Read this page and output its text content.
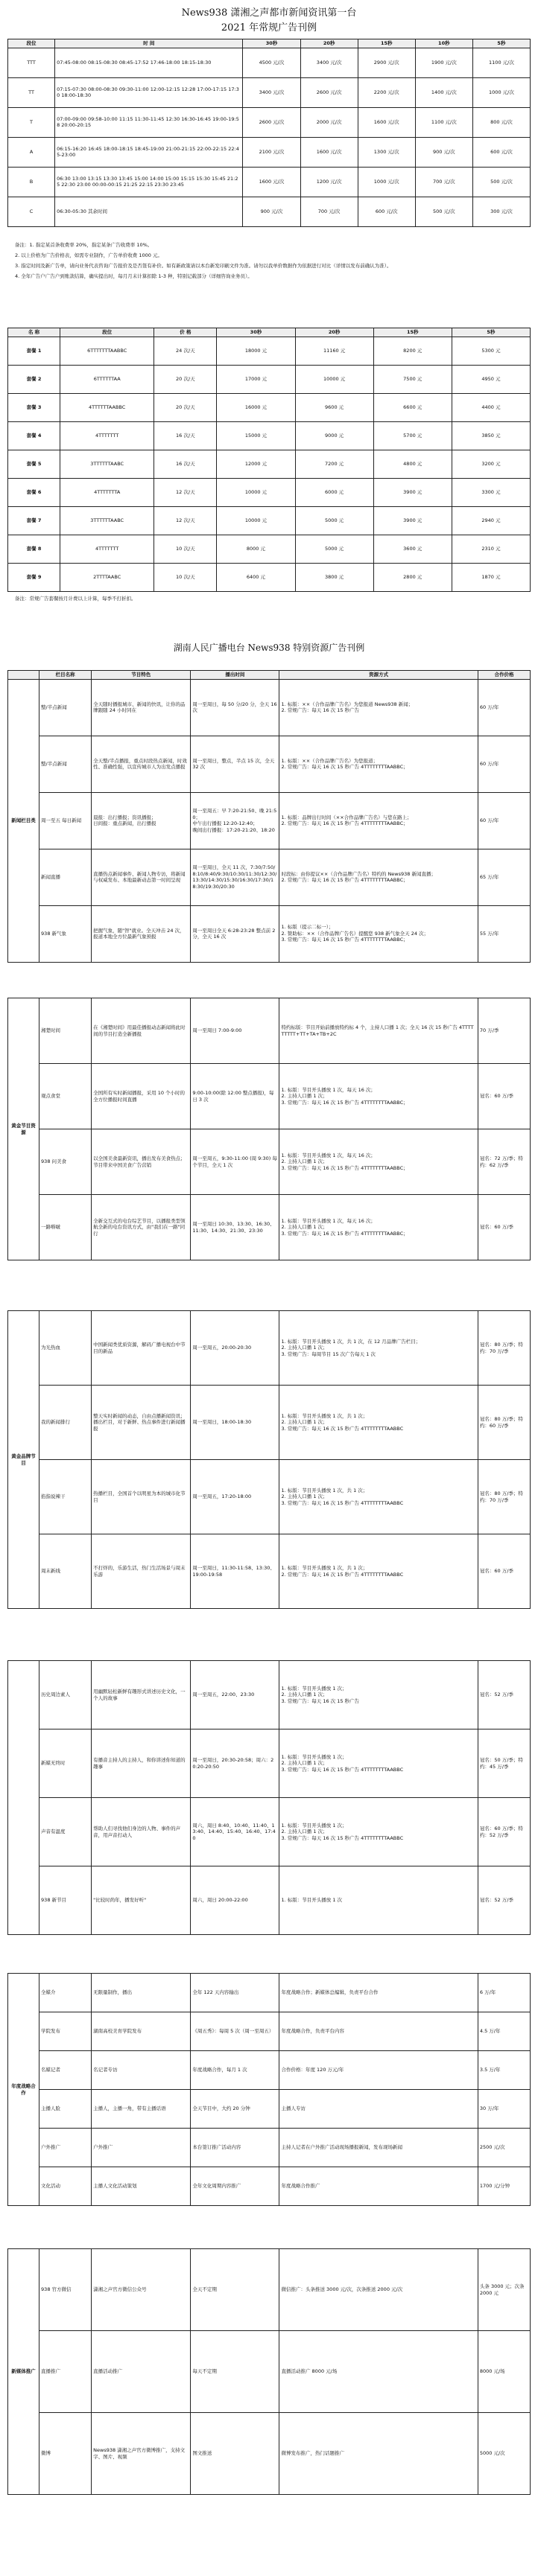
News938 潇湘之声都市新闻资讯第一台
2021 年常规广告刊例
段位	时 间	30秒	20秒	15秒	10秒	5秒
TTT	07:45-08:00 08:15-08:30 08:45-17:52 17:46-18:00 18:15-18:30	4500 元/次	3400 元/次	2900 元/次	1900 元/次	1100 元/次
TT	07:15-07:30 08:00-08:30 09:30-11:00 12:00-12:15 12:28 17:00-17:15 17:30 18:00-18:30	3400 元/次	2600 元/次	2200 元/次	1400 元/次	1000 元/次
T	07:00-09:00 09:58-10:00 11:15 11:30-11:45 12:30 16:30-16:45 19:00-19:58 20:00-20:15	2600 元/次	2000 元/次	1600 元/次	1100 元/次	800 元/次
A	06:15-16:20 16:45 18:00-18:15 18:45-19:00 21:00-21:15 22:00-22:15 22:45-23:00	2100 元/次	1600 元/次	1300 元/次	900 元/次	600 元/次
B	06:30 13:00 13:15 13:30 13:45 15:00 14:00 15:00 15:15 15:30 15:45 21:25 22:30 23:00 00:00-00:15 21:25 22:15 23:30 23:45	1600 元/次	1200 元/次	1000 元/次	700 元/次	500 元/次
C	06:30-05:30 其余时间	900 元/次	700 元/次	600 元/次	500 元/次	300 元/次
备注：1. 指定某首条收费率 20%，指定某条广告收费率 10%。
2. 以上价格为广告价格表，如需专业制作，广告单价收费 1000 元。
3. 指定时间及新广告单，请向业务代表咨询广告报价及是否签有补价。如有新政策请以本台新发印刷文件为准。请勿以我单价数据作为依据进行对比（详情以发布前确认为准）。
4. 全年广告户广告户到账款结算，确实提出时，每月月末计算扣除 1-3 种，特别记载部分（详细咨询业务员）。
名 称	段位	价 格	30秒	20秒	15秒	5秒
套餐 1	6TTTTTTTAABBC	24 次/天	18000 元	11160 元	8200 元	5300 元
套餐 2	6TTTTTTAA	20 次/天	17000 元	10000 元	7500 元	4950 元
套餐 3	4TTTTTTAABBC	20 次/天	16000 元	9600 元	6600 元	4400 元
套餐 4	4TTTTTTT	16 次/天	15000 元	9000 元	5700 元	3850 元
套餐 5	3TTTTTTAABC	16 次/天	12000 元	7200 元	4800 元	3200 元
套餐 6	4TTTTTTTA	12 次/天	10000 元	6000 元	3900 元	3300 元
套餐 7	3TTTTTTAABC	12 次/天	10000 元	5000 元	3900 元	2940 元
套餐 8	4TTTTTTT	10 次/天	8000 元	5000 元	3600 元	2310 元
套餐 9	2TTTTAABC	10 次/天	6400 元	3800 元	2800 元	1870 元
备注：常规广告套餐按月计费以上计算，每季不打折扣。
湖南人民广播电台 News938 特别资源广告刊例
	栏目名称	节目特色	播出时间	资源方式	合作价格
新闻栏目类	整/半点新闻	全天随时播报城市、新闻的快讯，让你的品牌跟随 24 小时同在	周一至周日，每 50 分/20 分，全天 16 次	1. 标版：××（合作品牌广告名）为您报道 News938 新闻；
2. 常规广告：每天 16 次 15 秒广告	60 万/年
	整/半点新闻	全天整/半点播报，重点时段热点新闻，时效性、准确性强，以宣传城市人为出发点播报	周一至周日，整点，半点 15 次，全天 32 次	1. 标版：××（合作品牌广告名）为您报道；
2. 常规广告：每天 16 次 15 秒广告 4TTTTTTTTAABBC；	60 万/年
	周一至五 每日新闻	晨报：出行播报；资讯播报；
日间报：重点新闻，出行播报	周一至周五：早 7:20-21:50、晚 21:50；
中午出行播报 12:20-12:40；
晚间出行播报：17:20-21:20、18:20	1. 标版：品牌出行时间（××合作品牌广告名）与您在路上；
2. 常规广告：每天 16 次 15 秒广告 4TTTTTTTTAABBC；	60 万/年
	新闻直播	直播热点新闻事件、新闻人物专访，将新闻与权威发布、本地最新动态第一时间呈现	周一至周日，全天 11 次，7:30/7:50/8:10/8:40/9:30/10:30/11:30/12:30/13:30/14:30/15:30/16:30/17:30/18:30/19:30/20:30	时段标：由你提议××（合作品牌广告名）特约的 News938 新闻直播；
2. 常规广告：每天 16 次 15 秒广告 4TTTTTTTTAABBC；	65 万/年
	938 新气象	把握气象，随"智"就业。全天冲击 24 次，报道本地全方位最新气象预报	周一至周日全天 6:28-23:28 整点前 2 分，全天 16 次	1. 标版（提示二标一）；
2. 赞助标：××（合作品牌广告名）提醒您 938 新气象全天 24 次；
3. 常规广告：每天 16 次 15 秒广告 4TTTTTTTTAABBC；	55 万/年
黄金节目资源	湘楚时间	在《湘楚时间》用最佳播报动态新闻将此时间的节目打造全新播报	周一至周日 7:00-9:00	特约标版：节目开始前播放特约标 4 个，主持人口播 1 次；全天 16 次 15 秒广告 4TTTTTTTTT+TT+TA+TB+2C	70 万/季
	观点食堂	全国所有实时新闻播报，采用 10 个小时的全方位播报时间直播	9:00-10:00(除 12:00 整点播报)，每日 3 次	1. 标版：节目开头播放 1 次，每天 16 次；
2. 主持人口播 1 次；
3. 常规广告：每天 16 次 15 秒广告 4TTTTTTTTAABBC；	冠名：60 万/季
	938 问美食	以全国美食最新资讯，播出发布美食热点；节目带来中国美食广告营销	周一至周五，9:30-11:00 (周 9:30) 每个节目，全天 1 次	1. 标版：节目开头播放 1 次，每天 16 次；
2. 主持人口播 1 次；
3. 常规广告：每天 16 次 15 秒广告 4TTTTTTTTAABBC；	冠名：72 万/季；特约：62 万/季
	一路嘚啵	全新交互式的电台综艺节目，以播报类型领航全新的电台资讯方式，由"我们在一路"同行	周一至周日 10:30、13:30、16:30、11:30、14:30、21:30、23:30	1. 标版：节目开头播放 1 次，每天 16 次；
2. 主持人口播 1 次；
3. 常规广告：每天 16 次 15 秒广告 4TTTTTTTTAABBC；	冠名：60 万/季
黄金品牌节目	为光热血	中国新闻类优质资源，解码广播电视台中节目的新品	周一至周五，20:00-20:30	1. 标版：节目开头播放 1 次，共 1 次，在 12 月品牌广告栏目；
2. 主持人口播 1 次；
3. 常规广告：每周节目 15 次广告每天 1 次	冠名：80 万/季；特约：70 万/季
	我的新闻排行	整天实时新闻的动态，自由点播新闻资讯；播出栏目，对于新鲜、热点事件进行新闻播报	周一至周日，18:00-18:30	1. 标版：节目开头播放 1 次，共 1 次；
2. 主持人口播 1 次；
3. 常规广告：每天 16 次 15 秒广告 4TTTTTTTTAABBC	冠名：80 万/季；特约：60 万/季
	掐指说辣干	热播栏目，全国首个以明星为本的城市化节目	周一至周五，17:20-18:00	1. 标版：节目开头播放 1 次，共 1 次；
2. 主持人口播 1 次；
3. 常规广告：每天 16 次 15 秒广告 4TTTTTTTTAABBC	冠名：80 万/季；特约：70 万/季
	周末新线	不打烊的，乐游生活，热门生活场景与周末乐游	周一至周日，11:30-11:58、13:30、19:00-19:58	1. 标版：节目开头播放 1 次，共 1 次；
2. 常规广告：每天 16 次 15 秒广告 4TTTTTTTTAABBC	冠名：60 万/季
	历史周边素人	用幽默轻松新鲜有趣形式讲述历史文化，一个人的故事	周一至周五，22:00、23:30	1. 标版：节目开头播放 1 次；
2. 主持人口播 1 次；
3. 常规广告：每天 16 次 15 秒广告	冠名：52 万/季
	新媒无终时	有播音主持人的主持人，和你讲述你知道的趣事	周一至周日，20:30-20:58；周六：20:20-20:50	1. 标版：节目开头播放 1 次；
2. 主持人口播 1 次；
3. 常规广告：每天 16 次 15 秒广告 4TTTTTTTTAABBC	冠名：50 万/季；特约：45 万/季
	声音有温度	帮助人们寻找他们身边的人物、事件的声音，用声音打动人	周六，周日 8:40、10:40、11:40、13:40、14:40、15:40、16:40、17:40	1. 标版：节目开头播放 1 次；
2. 主持人口播 1 次；
3. 常规广告：每天 16 次 15 秒广告 4TTTTTTTTAABBC	冠名：60 万/季；特约：52 万/季
	938 新节目	"比较时尚年，播发好听"	周六，周日 20:00-22:00	1. 标版：节目开头播放 1 次	冠名：52 万/季
年度战略合作	全媒介	无限量制作，播出	全年 122 天内容输出	年度战略合作；新媒体总编辑，负责平台合作	6 万/年
	学院发布	湖南高校美育学院发布	《周五秀》：每周 5 次（周一至周五）	年度战略合作，负责平台内容	4.5 万/年
	名媒记者	名记者专访	年度战略合作，每月 1 次	合作价格：年度 120 万元/年	3.5 万/年
	主播人脸	主播人，主播一角，带有主播话语	全天节目中，大约 20 分钟	主播人专访	30 万/年
	户外推广	户外推广	本台签订推广活动内容	主持人记者在户外推广活动现场播报新闻，发布现场新闻	2500 元/次
	文化活动	主播人文化活动策划	全年文化周期内容推广	年度战略合作推广	1700 元/分钟
新媒体推广	938 官方微信	潇湘之声官方微信公众号	全天不定期	微信推广：头条推送 3000 元/次，次条推送 2000 元/次	头条 3000 元；次条 2000 元
	直播推广	直播活动推广	每天不定期	直播活动推广 8000 元/场	8000 元/场
	微博	News938 潇湘之声官方微博推广，支持文字、图片、视频	图文推送	微博发布推广，热门话题推广	5000 元/次
